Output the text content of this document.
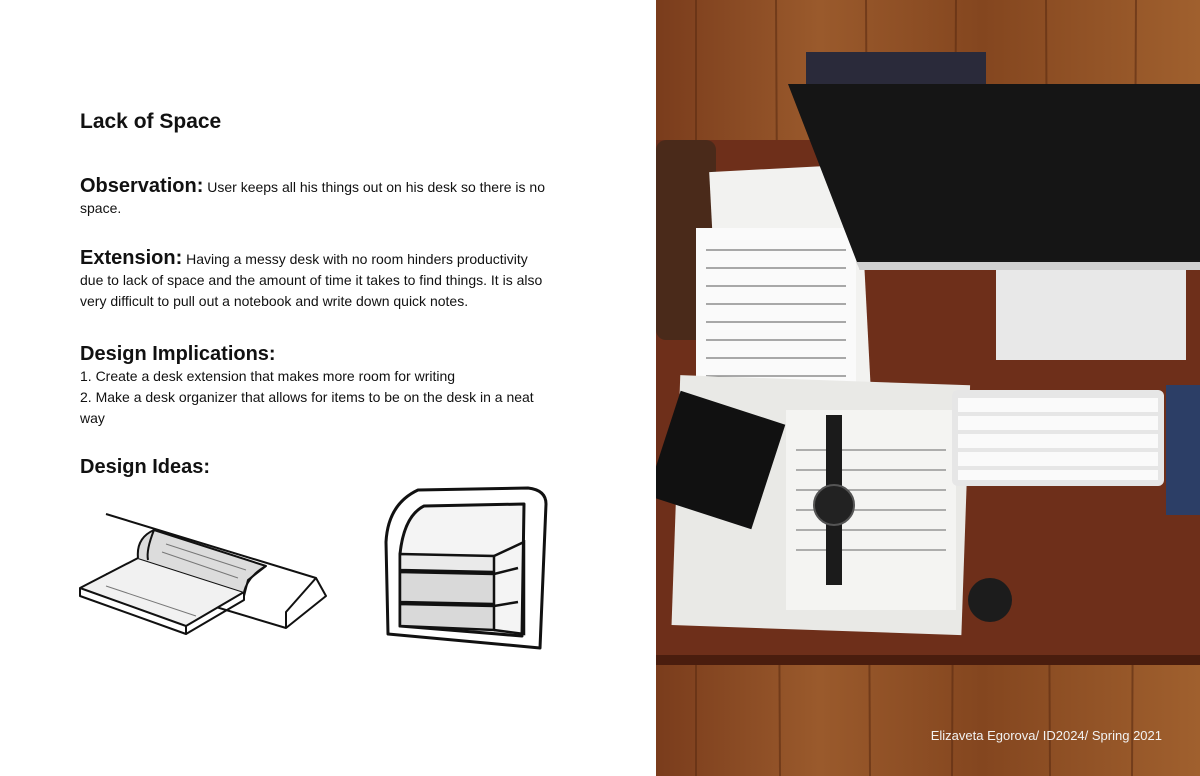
Lack of Space
Observation: User keeps all his things out on his desk so there is no space.
Extension: Having a messy desk with no room hinders productivity due to lack of space and the amount of time it takes to find things. It is also very difficult to pull out a notebook and write down quick notes.
Design Implications:

1. Create a desk extension that makes more room for writing

2. Make a desk organizer that allows for items to be on the desk in a neat way

Design Ideas:
Elizaveta Egorova/ ID2024/ Spring 2021
